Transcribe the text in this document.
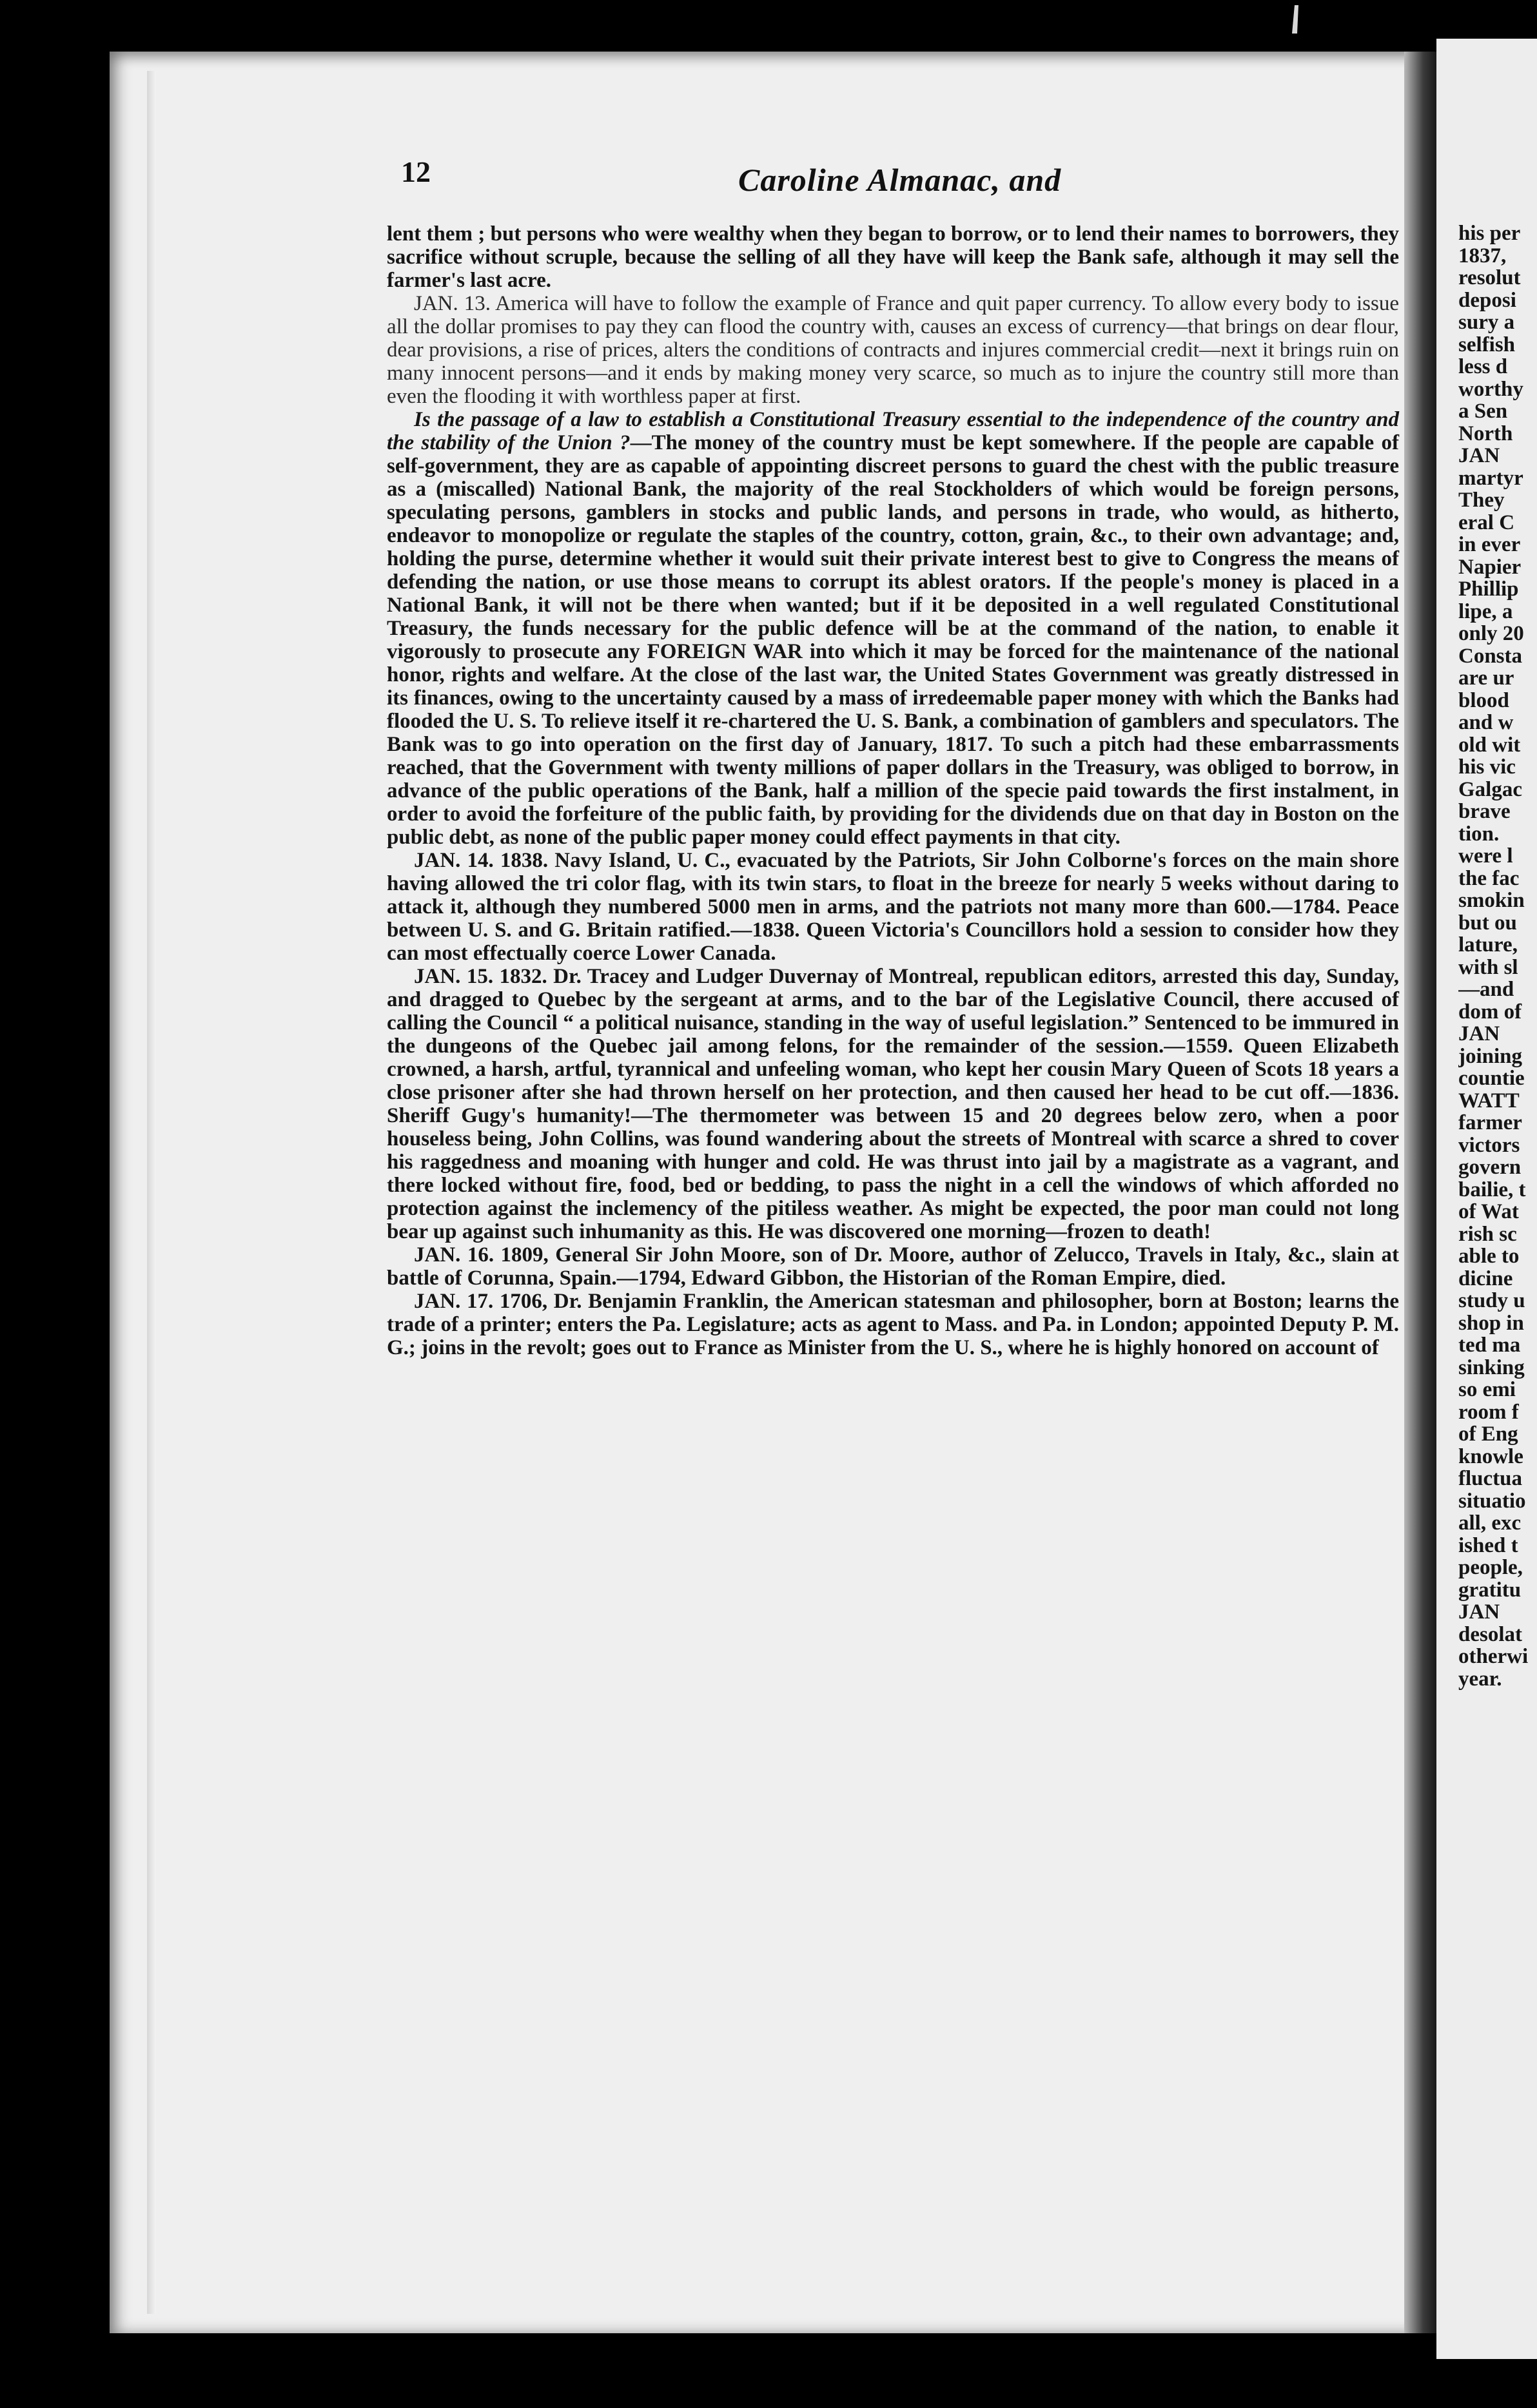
12	Caroline Almanac, and

lent them ; but persons who were wealthy when they began to borrow, or to lend their names to borrowers, they sacrifice without scruple, because the selling of all they have will keep the Bank safe, although it may sell the farmer's last acre.

JAN. 13. America will have to follow the example of France and quit paper currency. To allow every body to issue all the dollar promises to pay they can flood the country with, causes an excess of currency—that brings on dear flour, dear provisions, a rise of prices, alters the conditions of contracts and injures commercial credit—next it brings ruin on many innocent persons—and it ends by making money very scarce, so much as to injure the country still more than even the flooding it with worthless paper at first.

Is the passage of a law to establish a Constitutional Treasury essential to the independence of the country and the stability of the Union ?—The money of the country must be kept somewhere. If the people are capable of self-government, they are as capable of appointing discreet persons to guard the chest with the public treasure as a (miscalled) National Bank, the majority of the real Stockholders of which would be foreign persons, speculating persons, gamblers in stocks and public lands, and persons in trade, who would, as hitherto, endeavor to monopolize or regulate the staples of the country, cotton, grain, &c., to their own advantage; and, holding the purse, determine whether it would suit their private interest best to give to Congress the means of defending the nation, or use those means to corrupt its ablest orators. If the people's money is placed in a National Bank, it will not be there when wanted; but if it be deposited in a well regulated Constitutional Treasury, the funds necessary for the public defence will be at the command of the nation, to enable it vigorously to prosecute any FOREIGN WAR into which it may be forced for the maintenance of the national honor, rights and welfare. At the close of the last war, the United States Government was greatly distressed in its finances, owing to the uncertainty caused by a mass of irredeemable paper money with which the Banks had flooded the U. S. To relieve itself it re-chartered the U. S. Bank, a combination of gamblers and speculators. The Bank was to go into operation on the first day of January, 1817. To such a pitch had these embarrassments reached, that the Government with twenty millions of paper dollars in the Treasury, was obliged to borrow, in advance of the public operations of the Bank, half a million of the specie paid towards the first instalment, in order to avoid the forfeiture of the public faith, by providing for the dividends due on that day in Boston on the public debt, as none of the public paper money could effect payments in that city.

JAN. 14. 1838. Navy Island, U. C., evacuated by the Patriots, Sir John Colborne's forces on the main shore having allowed the tri color flag, with its twin stars, to float in the breeze for nearly 5 weeks without daring to attack it, although they numbered 5000 men in arms, and the patriots not many more than 600.—1784. Peace between U. S. and G. Britain ratified.—1838. Queen Victoria's Councillors hold a session to consider how they can most effectually coerce Lower Canada.

JAN. 15. 1832. Dr. Tracey and Ludger Duvernay of Montreal, republican editors, arrested this day, Sunday, and dragged to Quebec by the sergeant at arms, and to the bar of the Legislative Council, there accused of calling the Council “ a political nuisance, standing in the way of useful legislation.” Sentenced to be immured in the dungeons of the Quebec jail among felons, for the remainder of the session.—1559. Queen Elizabeth crowned, a harsh, artful, tyrannical and unfeeling woman, who kept her cousin Mary Queen of Scots 18 years a close prisoner after she had thrown herself on her protection, and then caused her head to be cut off.—1836. Sheriff Gugy's humanity!—The thermometer was between 15 and 20 degrees below zero, when a poor houseless being, John Collins, was found wandering about the streets of Montreal with scarce a shred to cover his raggedness and moaning with hunger and cold. He was thrust into jail by a magistrate as a vagrant, and there locked without fire, food, bed or bedding, to pass the night in a cell the windows of which afforded no protection against the inclemency of the pitiless weather. As might be expected, the poor man could not long bear up against such inhumanity as this. He was discovered one morning—frozen to death!

JAN. 16. 1809, General Sir John Moore, son of Dr. Moore, author of Zelucco, Travels in Italy, &c., slain at battle of Corunna, Spain.—1794, Edward Gibbon, the Historian of the Roman Empire, died.

JAN. 17. 1706, Dr. Benjamin Franklin, the American statesman and philosopher, born at Boston; learns the trade of a printer; enters the Pa. Legislature; acts as agent to Mass. and Pa. in London; appointed Deputy P. M. G.; joins in the revolt; goes out to France as Minister from the U. S., where he is highly honored on account of

his per
1837,
resolut
deposi
sury a
selfish
less d
worthy
a Sen
North
JAN
martyr
They
eral C
in ever
Napier
Phillip
lipe, a
only 20
Consta
are ur
blood
and w
old wit
his vic
Galgac
brave
tion.
were l
the fac
smokin
but ou
lature,
with sl
—and
dom of
JAN
joining
countie
WATT
farmer
victors
govern
bailie, t
of Wat
rish sc
able to
dicine
study u
shop in
ted ma
sinking
so emi
room f
of Eng
knowle
fluctua
situatio
all, exc
ished t
people,
gratitu
JAN
desolat
otherwi
year.
